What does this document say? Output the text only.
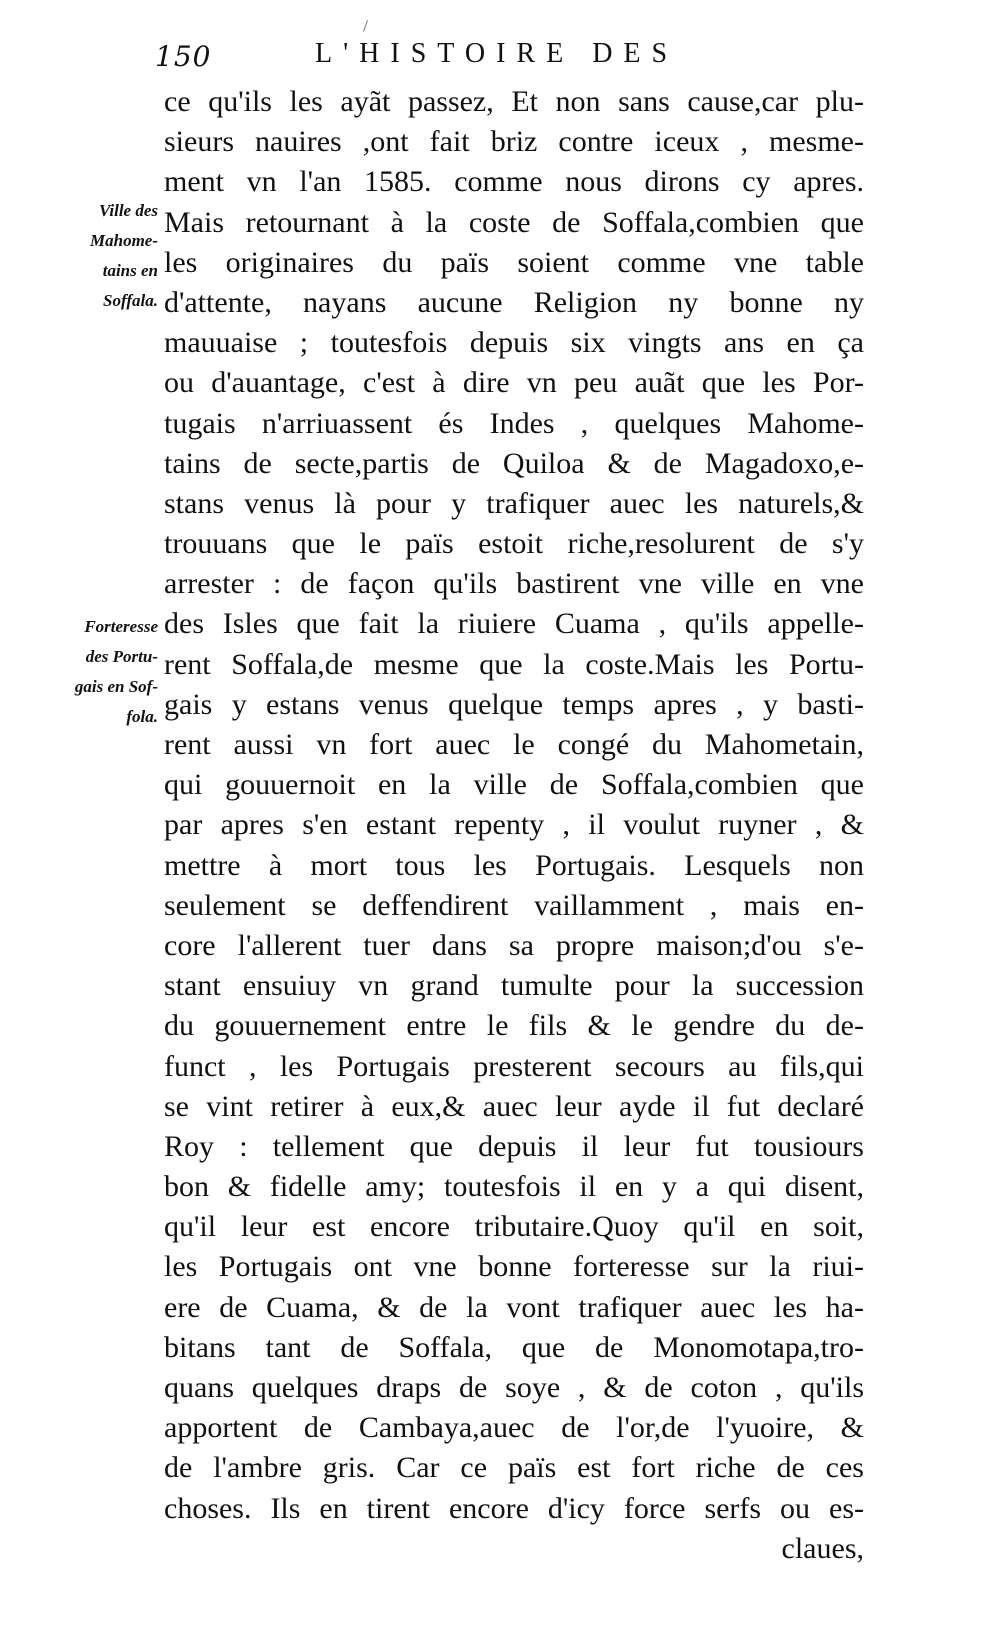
150	L'HISTOIRE DES
Ville des
Mahome-
tains en
Soffala.
Forteresse
des Portu-
gais en Sof-
fola.
ce qu'ils les ayãt passez, Et non sans cause,car plu-
sieurs nauires ,ont fait briz contre iceux , mesme-
ment vn l'an 1585. comme nous dirons cy apres.
Mais retournant à la coste de Soffala,combien que
les originaires du païs soient comme vne table
d'attente, nayans aucune Religion ny bonne ny
mauuaise ; toutesfois depuis six vingts ans en ça
ou d'auantage, c'est à dire vn peu auãt que les Por-
tugais n'arriuassent és Indes , quelques Mahome-
tains de secte,partis de Quiloa & de Magadoxo,e-
stans venus là pour y trafiquer auec les naturels,&
trouuans que le païs estoit riche,resolurent de s'y
arrester : de façon qu'ils bastirent vne ville en vne
des Isles que fait la riuiere Cuama , qu'ils appelle-
rent Soffala,de mesme que la coste.Mais les Portu-
gais y estans venus quelque temps apres , y basti-
rent aussi vn fort auec le congé du Mahometain,
qui gouuernoit en la ville de Soffala,combien que
par apres s'en estant repenty , il voulut ruyner , &
mettre à mort tous les Portugais. Lesquels non
seulement se deffendirent vaillamment , mais en-
core l'allerent tuer dans sa propre maison;d'ou s'e-
stant ensuiuy vn grand tumulte pour la succession
du gouuernement entre le fils & le gendre du de-
funct , les Portugais presterent secours au fils,qui
se vint retirer à eux,& auec leur ayde il fut declaré
Roy : tellement que depuis il leur fut tousiours
bon & fidelle amy; toutesfois il en y a qui disent,
qu'il leur est encore tributaire.Quoy qu'il en soit,
les Portugais ont vne bonne forteresse sur la riui-
ere de Cuama, & de la vont trafiquer auec les ha-
bitans tant de Soffala, que de Monomotapa,tro-
quans quelques draps de soye , & de coton , qu'ils
apportent de Cambaya,auec de l'or,de l'yuoire, &
de l'ambre gris. Car ce païs est fort riche de ces
choses. Ils en tirent encore d'icy force serfs ou es-
claues,
